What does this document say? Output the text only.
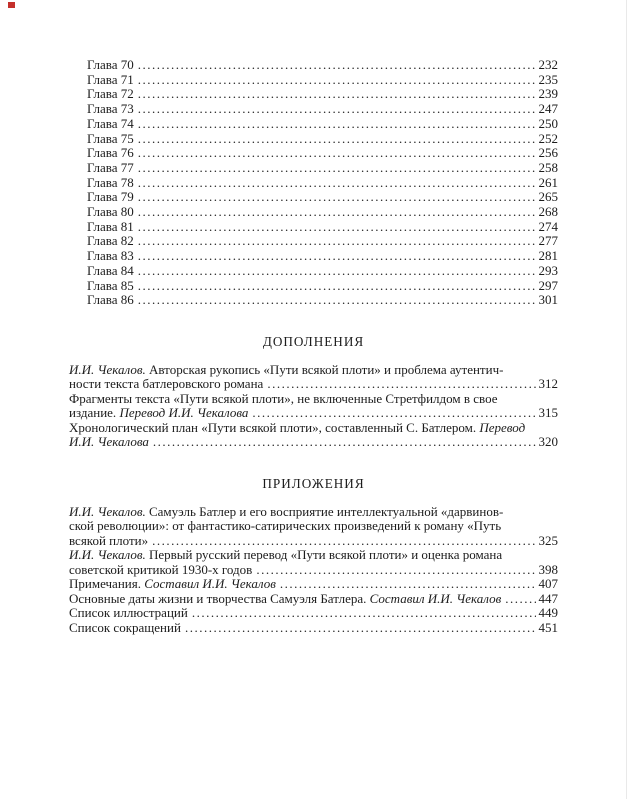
Глава 70 .....	232
Глава 71 .....	235
Глава 72 .....	239
Глава 73 .....	247
Глава 74 .....	250
Глава 75 .....	252
Глава 76 .....	256
Глава 77 .....	258
Глава 78 .....	261
Глава 79 .....	265
Глава 80 .....	268
Глава 81 .....	274
Глава 82 .....	277
Глава 83 .....	281
Глава 84 .....	293
Глава 85 .....	297
Глава 86 .....	301
ДОПОЛНЕНИЯ
И.И. Чекалов. Авторская рукопись «Пути всякой плоти» и проблема аутентич-
ности текста батлеровского романа .....	312
Фрагменты текста «Пути всякой плоти», не включенные Стретфилдом в свое
издание. Перевод И.И. Чекалова .....	315
Хронологический план «Пути всякой плоти», составленный С. Батлером. Перевод
И.И. Чекалова .....	320
ПРИЛОЖЕНИЯ
И.И. Чекалов. Самуэль Батлер и его восприятие интеллектуальной «дарвинов-
ской революции»: от фантастико-сатирических произведений к роману «Путь
всякой плоти» .....	325
И.И. Чекалов. Первый русский перевод «Пути всякой плоти» и оценка романа
советской критикой 1930-х годов .....	398
Примечания. Составил И.И. Чекалов .....	407
Основные даты жизни и творчества Самуэля Батлера. Составил И.И. Чекалов .....	447
Список иллюстраций .....	449
Список сокращений .....	451
